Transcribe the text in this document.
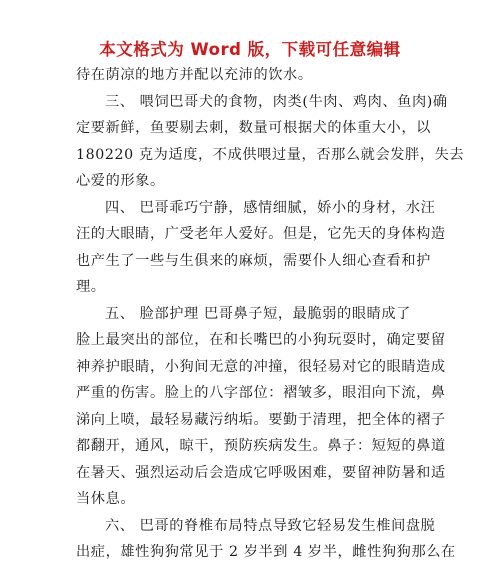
本文格式为 Word 版，下载可任意编辑
待在荫凉的地方并配以充沛的饮水。
三、 喂饲巴哥犬的食物，肉类(牛肉、鸡肉、鱼肉)确
定要新鲜，鱼要剔去刺，数量可根据犬的体重大小，以
180220 克为适度，不成供喂过量，否那么就会发胖，失去
心爱的形象。
四、 巴哥乖巧宁静，感情细腻，娇小的身材，水汪
汪的大眼睛，广受老年人爱好。但是，它先天的身体构造
也产生了一些与生俱来的麻烦，需要仆人细心查看和护
理。
五、 脸部护理 巴哥鼻子短，最脆弱的眼睛成了
脸上最突出的部位，在和长嘴巴的小狗玩耍时，确定要留
神养护眼睛，小狗间无意的冲撞，很轻易对它的眼睛造成
严重的伤害。脸上的八字部位：褶皱多，眼泪向下流，鼻
涕向上喷，最轻易藏污纳垢。要勤于清理，把全体的褶子
都翻开，通风，晾干，预防疾病发生。鼻子：短短的鼻道
在暑天、强烈运动后会造成它呼吸困难，要留神防暑和适
当休息。
六、 巴哥的脊椎布局特点导致它轻易发生椎间盘脱
出症，雄性狗狗常见于 2 岁半到 4 岁半，雌性狗狗那么在
